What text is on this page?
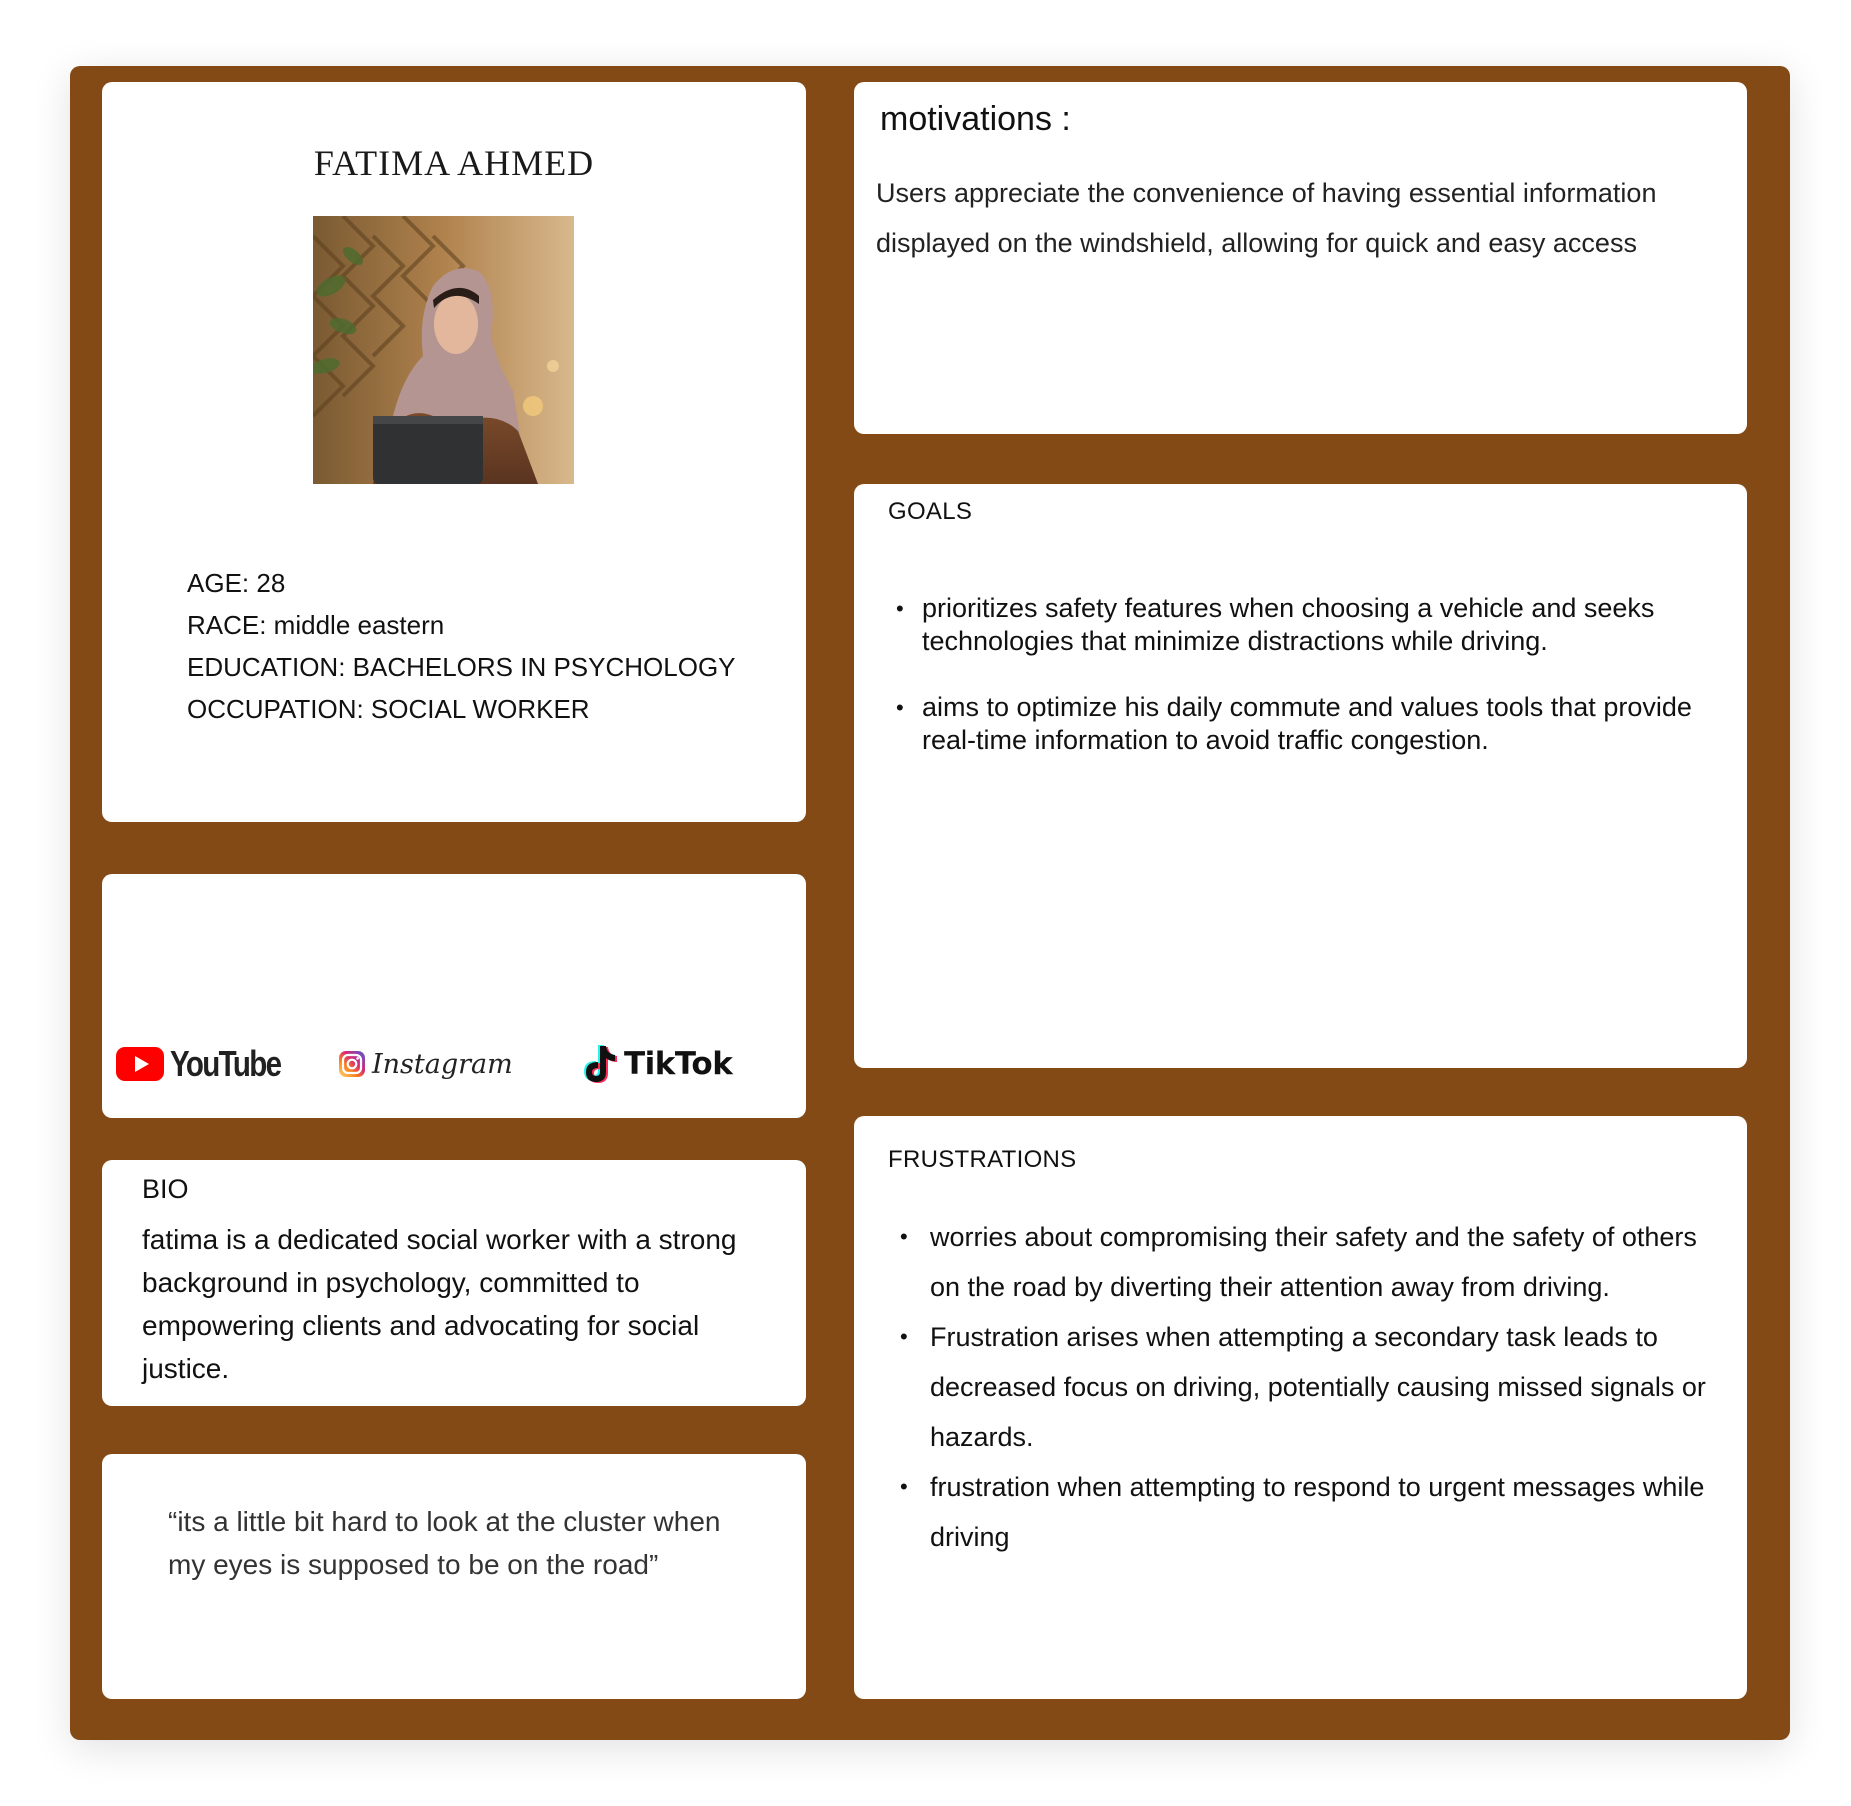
FATIMA AHMED
AGE: 28
RACE: middle eastern
EDUCATION: BACHELORS IN PSYCHOLOGY
OCCUPATION: SOCIAL WORKER
YouTube	Instagram	TikTok
BIO
fatima is a dedicated social worker with a strong background in psychology, committed to empowering clients and advocating for social justice.
“its a little bit hard to look at the cluster when my eyes is supposed to be on the road”
motivations :
Users appreciate the convenience of having essential information displayed on the windshield, allowing for quick and easy access
GOALS
• prioritizes safety features when choosing a vehicle and seeks technologies that minimize distractions while driving.
• aims to optimize his daily commute and values tools that provide real-time information to avoid traffic congestion.
FRUSTRATIONS
• worries about compromising their safety and the safety of others on the road by diverting their attention away from driving.
• Frustration arises when attempting a secondary task leads to decreased focus on driving, potentially causing missed signals or hazards.
• frustration when attempting to respond to urgent messages while driving
